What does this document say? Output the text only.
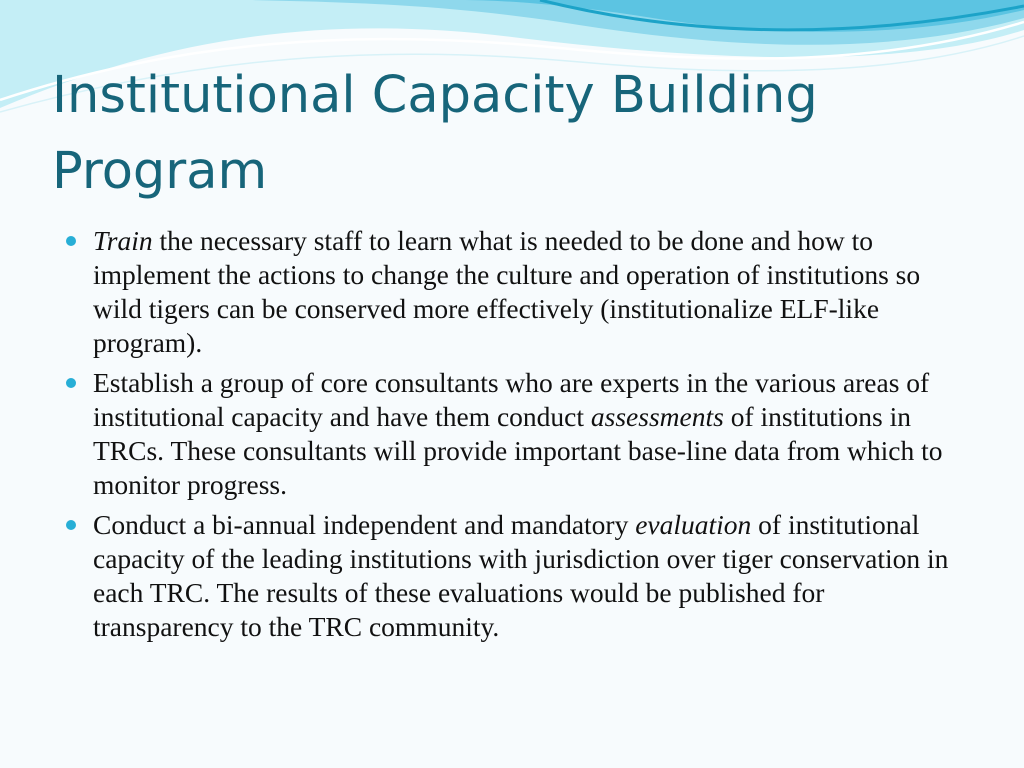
Institutional Capacity Building Program
Train the necessary staff to learn what is needed to be done and how to implement the actions to change the culture and operation of institutions so wild tigers can be conserved more effectively (institutionalize ELF-like program).
Establish a group of core consultants who are experts in the various areas of institutional capacity and have them conduct assessments of institutions in TRCs. These consultants will provide important base-line data from which to monitor progress.
Conduct a bi-annual independent and mandatory evaluation of institutional capacity of the leading institutions with jurisdiction over tiger conservation in each TRC. The results of these evaluations would be published for transparency to the TRC community.
